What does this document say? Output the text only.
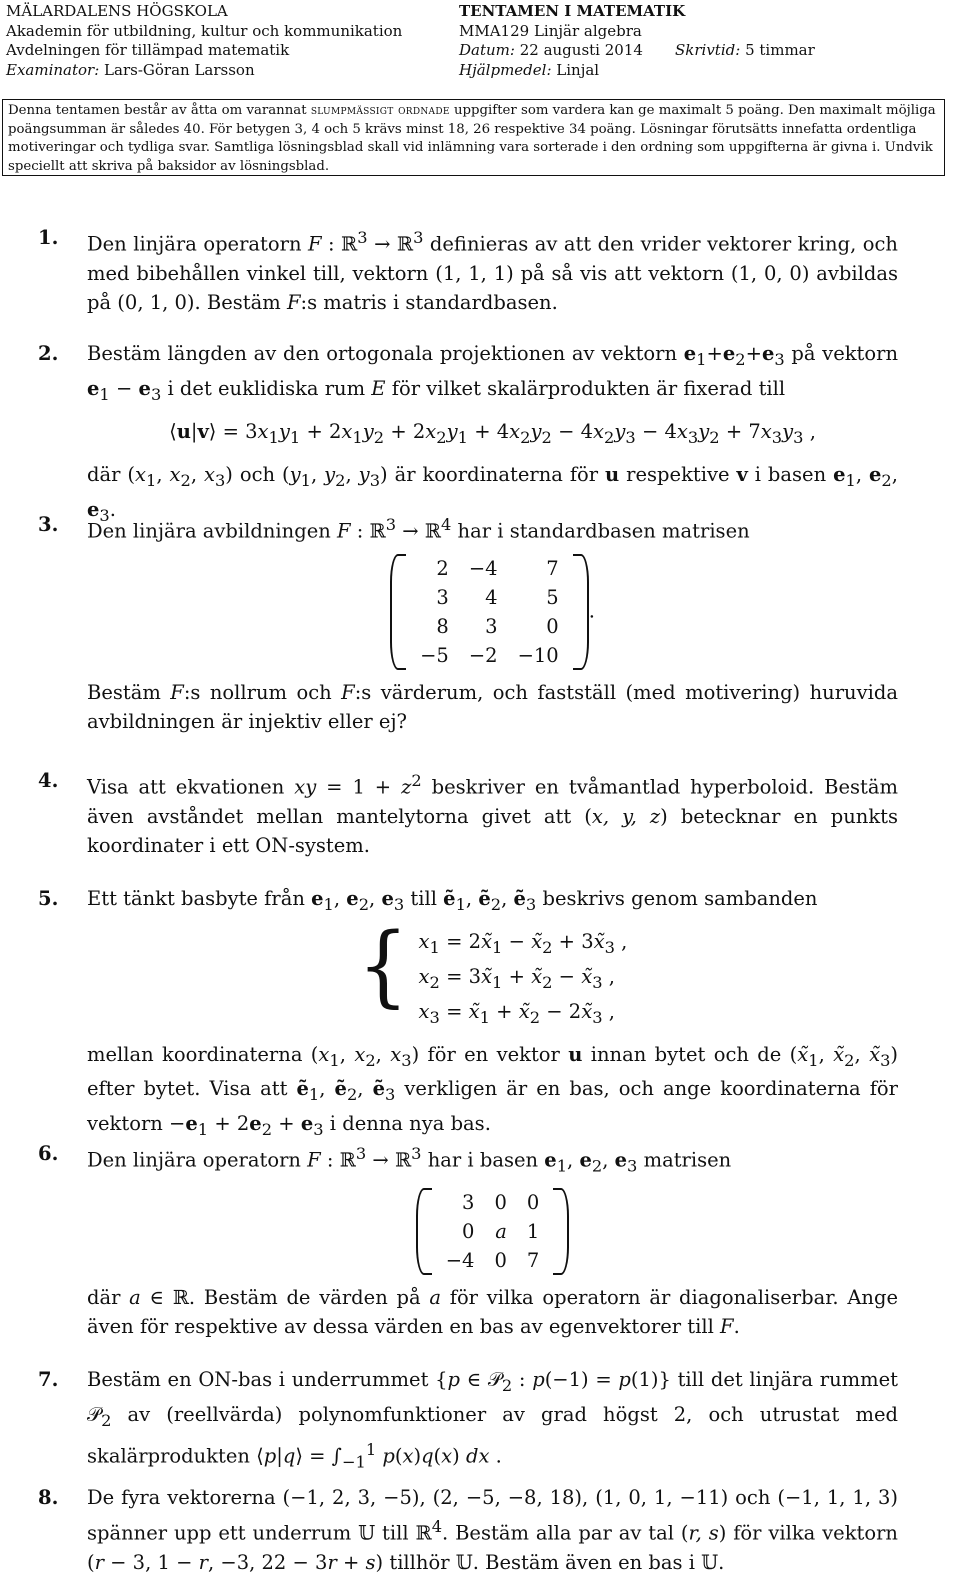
MÄLARDALENS HÖGSKOLA
Akademin för utbildning, kultur och kommunikation
Avdelningen för tillämpad matematik
Examinator: Lars-Göran Larsson
TENTAMEN I MATEMATIK
MMA129 Linjär algebra
Datum: 22 augusti 2014
Hjälpmedel: Linjal
Skrivtid: 5 timmar
Denna tentamen består av åtta om varannat slumpmässigt ordnade uppgifter som vardera kan ge maximalt 5 poäng. Den maximalt möjliga poängsumman är således 40. För betygen 3, 4 och 5 krävs minst 18, 26 respektive 34 poäng. Lösningar förutsätts innefatta ordentliga motiveringar och tydliga svar. Samtliga lösningsblad skall vid inlämning vara sorterade i den ordning som uppgifterna är givna i. Undvik speciellt att skriva på baksidor av lösningsblad.
1. Den linjära operatorn F : ℝ$^3$ → ℝ$^3$ definieras av att den vrider vektorer kring, och med bibehållen vinkel till, vektorn (1, 1, 1) på så vis att vektorn (1, 0, 0) avbildas på (0, 1, 0). Bestäm F:s matris i standardbasen.

2. Bestäm längden av den ortogonala projektionen av vektorn $e_1+e_2+e_3$ på vektorn $e_1 - e_3$ i det euklidiska rum E för vilket skalärprodukten är fixerad till

⟨u|v⟩ = $3x_1y_1 + 2x_1y_2 + 2x_2y_1 + 4x_2y_2 - 4x_2y_3 - 4x_3y_2 + 7x_3y_3$ ,

där ($x_1$, $x_2$, $x_3$) och ($y_1$, $y_2$, $y_3$) är koordinaterna för u respektive v i basen $e_1$, $e_2$, $e_3$.

3. Den linjära avbildningen F : ℝ$^3$ → ℝ$^4$ har i standardbasen matrisen

2	−4	7
3	4	5
8	3	0
−5	−2	−10
.

Bestäm F:s nollrum och F:s värderum, och fastställ (med motivering) huruvida avbildningen är injektiv eller ej?

4. Visa att ekvationen xy = $1 + z^2$ beskriver en tvåmantlad hyperboloid. Bestäm även avståndet mellan mantelytorna givet att (x, y, z) betecknar en punkts koordinater i ett ON-system.

5. Ett tänkt basbyte från $e_1$, $e_2$, $e_3$ till ẽ$_1$, ẽ$_2$, ẽ$_3$ beskrivs genom sambanden

{ $x_1$ = $2x̃_1$ − $x̃_2$ + $3x̃_3$ ,
$x_2$ = $3x̃_1$ + $x̃_2$ − $x̃_3$ ,
$x_3$ = $x̃_1$ + $x̃_2$ − $2x̃_3$ ,

mellan koordinaterna ($x_1$, $x_2$, $x_3$) för en vektor u innan bytet och de ($x̃_1$, $x̃_2$, $x̃_3$) efter bytet. Visa att ẽ$_1$, ẽ$_2$, ẽ$_3$ verkligen är en bas, och ange koordinaterna för vektorn $-e_1 + 2e_2 + e_3$ i denna nya bas.

6. Den linjära operatorn F : ℝ$^3$ → ℝ$^3$ har i basen $e_1$, $e_2$, $e_3$ matrisen

3	0	0
0	a	1
−4	0	7

där a ∈ ℝ. Bestäm de värden på a för vilka operatorn är diagonaliserbar. Ange även för respektive av dessa värden en bas av egenvektorer till F.

7. Bestäm en ON-bas i underrummet {p ∈ 𝒫$_2$ : p(−1) = p(1)} till det linjära rummet 𝒫$_2$ av (reellvärda) polynomfunktioner av grad högst 2, och utrustat med skalärprodukten ⟨p|q⟩ = $\int_{-1}^1$ p(x)q(x) dx .

8. De fyra vektorerna (−1, 2, 3, −5), (2, −5, −8, 18), (1, 0, 1, −11) och (−1, 1, 1, 3) spänner upp ett underrum 𝕌 till ℝ$^4$. Bestäm alla par av tal (r, s) för vilka vektorn (r − 3, 1 − r, −3, 22 − 3r + s) tillhör 𝕌. Bestäm även en bas i 𝕌.
